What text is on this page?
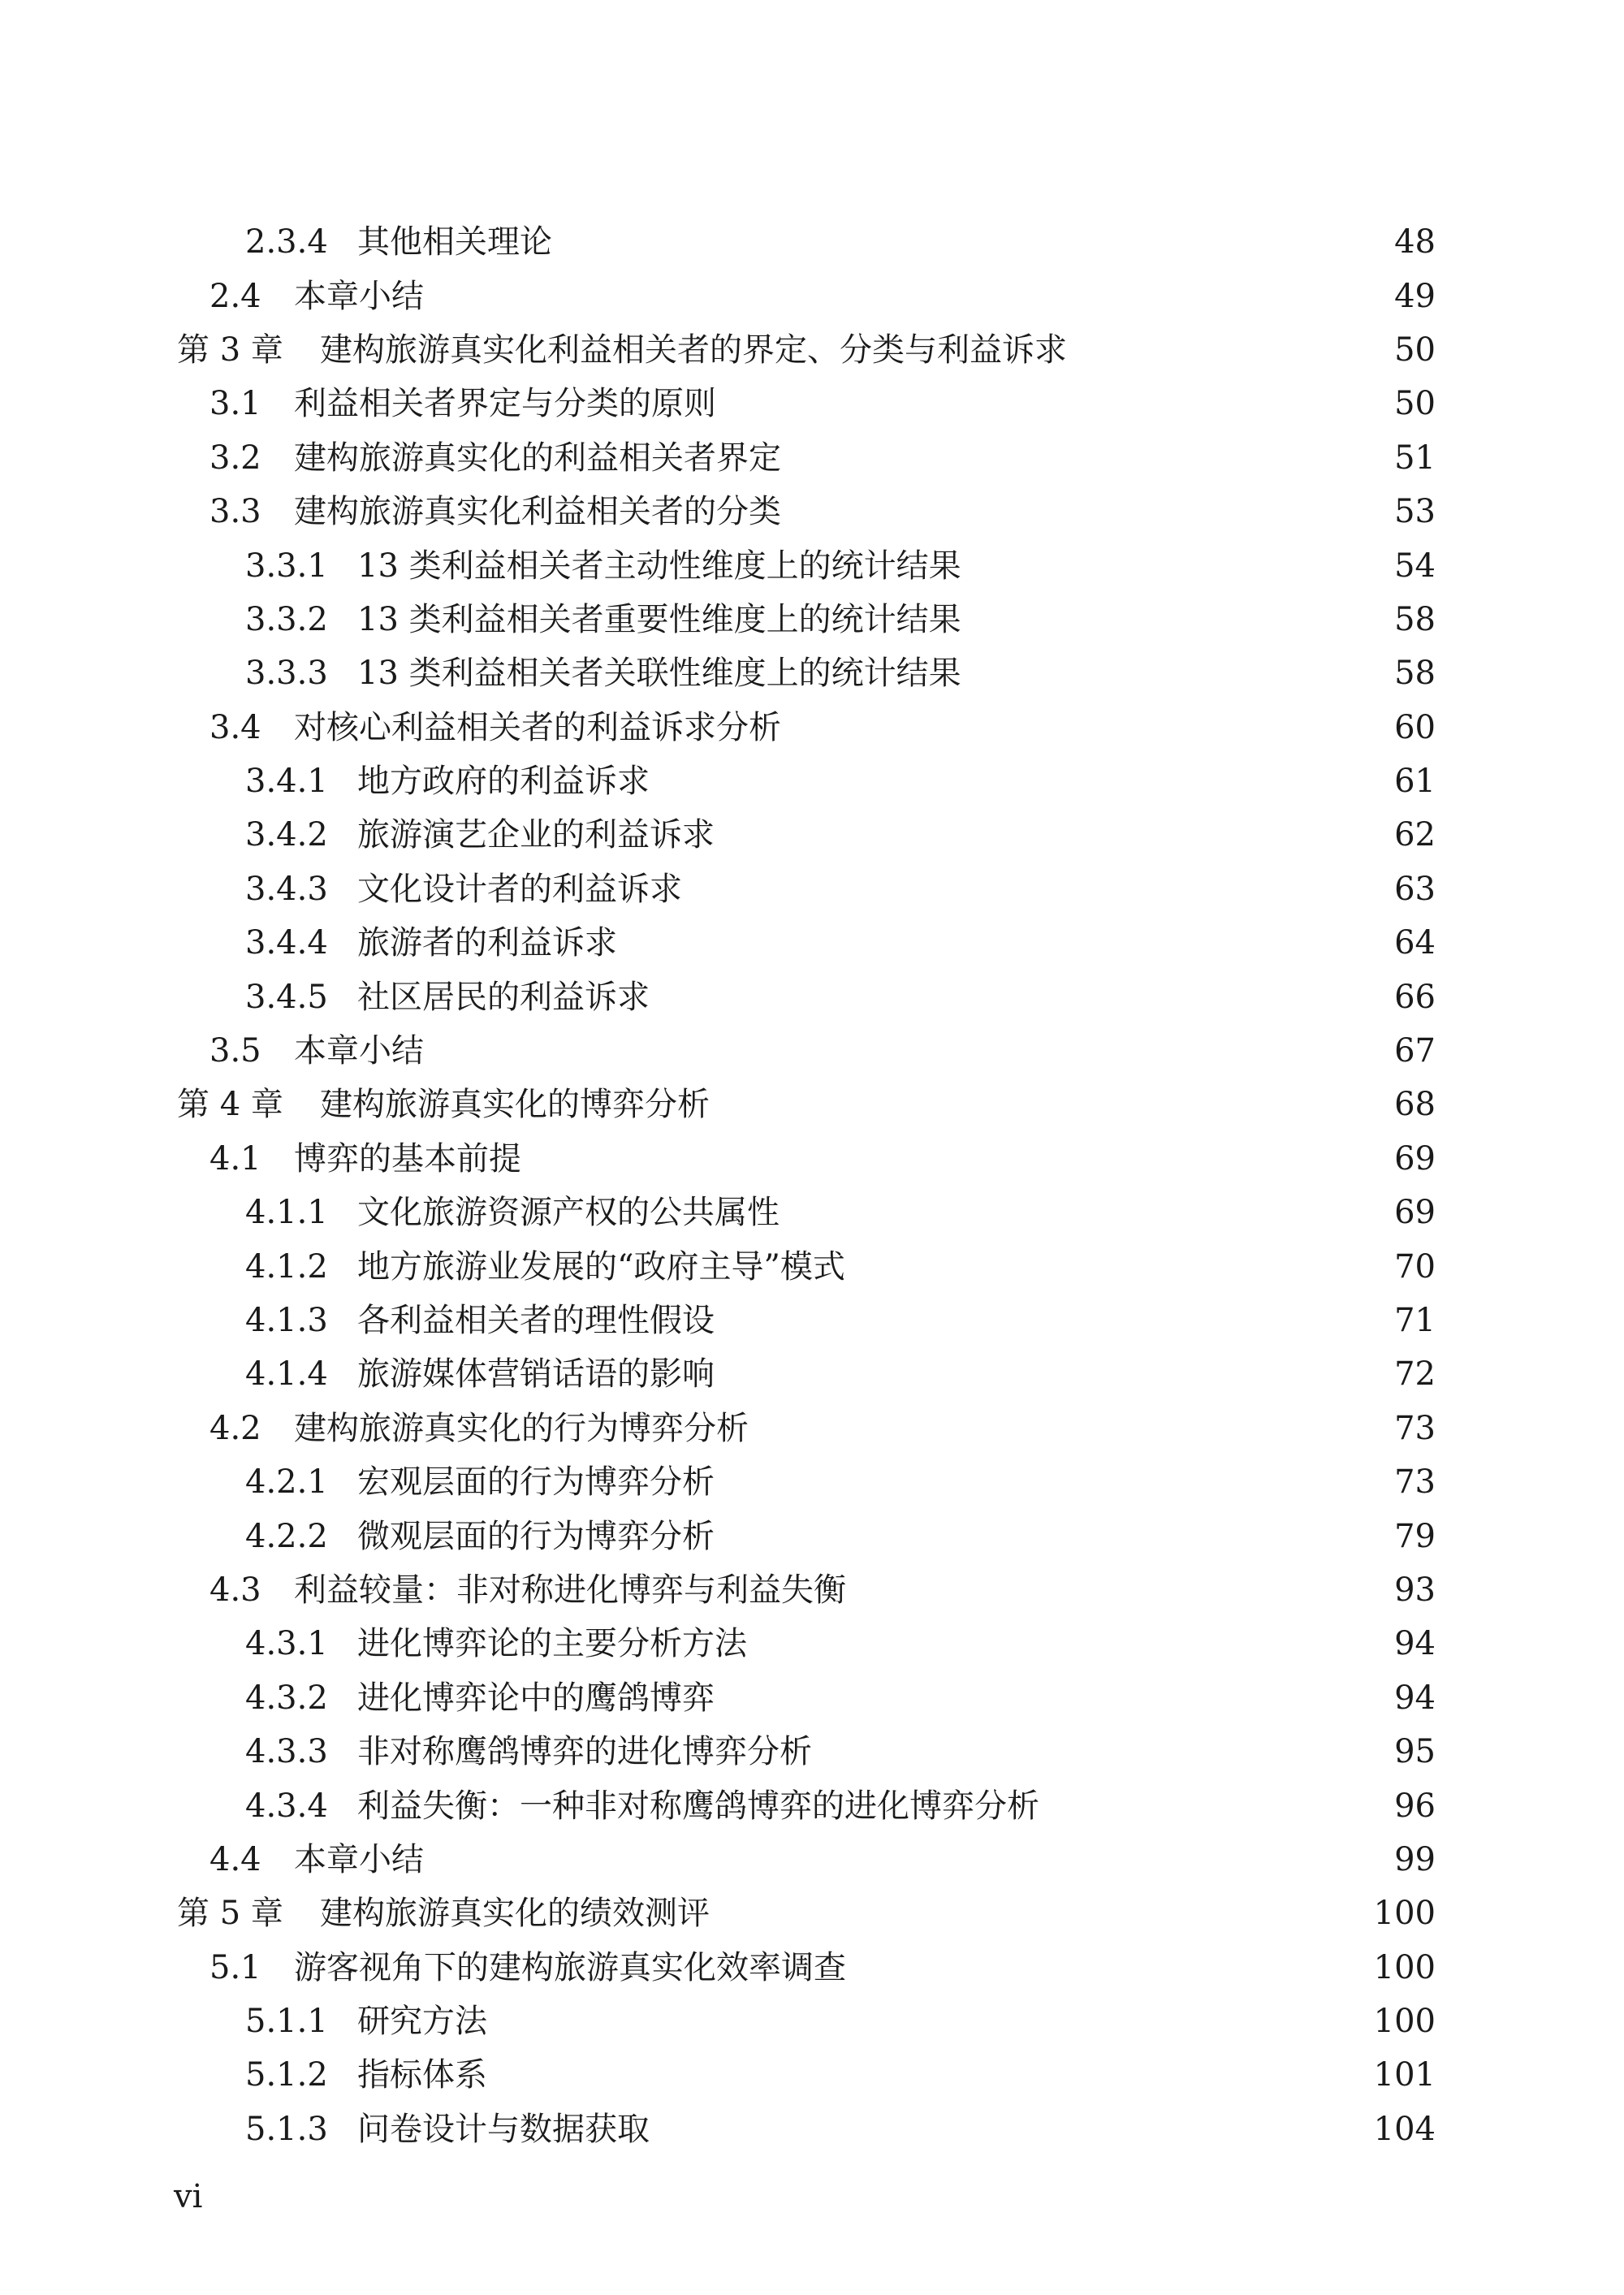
2.3.4 其他相关理论	48
2.4	本章小结	49
第 3 章	建构旅游真实化利益相关者的界定、分类与利益诉求	50
3.1	利益相关者界定与分类的原则	50
3.2	建构旅游真实化的利益相关者界定	51
3.3	建构旅游真实化利益相关者的分类	53
3.3.1 13 类利益相关者主动性维度上的统计结果	54
3.3.2 13 类利益相关者重要性维度上的统计结果	58
3.3.3 13 类利益相关者关联性维度上的统计结果	58
3.4	对核心利益相关者的利益诉求分析	60
3.4.1 地方政府的利益诉求	61
3.4.2 旅游演艺企业的利益诉求	62
3.4.3 文化设计者的利益诉求	63
3.4.4 旅游者的利益诉求	64
3.4.5 社区居民的利益诉求	66
3.5	本章小结	67
第 4 章	建构旅游真实化的博弈分析	68
4.1	博弈的基本前提	69
4.1.1 文化旅游资源产权的公共属性	69
4.1.2 地方旅游业发展的“政府主导”模式	70
4.1.3 各利益相关者的理性假设	71
4.1.4 旅游媒体营销话语的影响	72
4.2	建构旅游真实化的行为博弈分析	73
4.2.1 宏观层面的行为博弈分析	73
4.2.2 微观层面的行为博弈分析	79
4.3	利益较量：非对称进化博弈与利益失衡	93
4.3.1 进化博弈论的主要分析方法	94
4.3.2 进化博弈论中的鹰鸽博弈	94
4.3.3 非对称鹰鸽博弈的进化博弈分析	95
4.3.4 利益失衡：一种非对称鹰鸽博弈的进化博弈分析	96
4.4	本章小结	99
第 5 章	建构旅游真实化的绩效测评	100
5.1	游客视角下的建构旅游真实化效率调查	100
5.1.1 研究方法	100
5.1.2 指标体系	101
5.1.3 问卷设计与数据获取	104
vi
